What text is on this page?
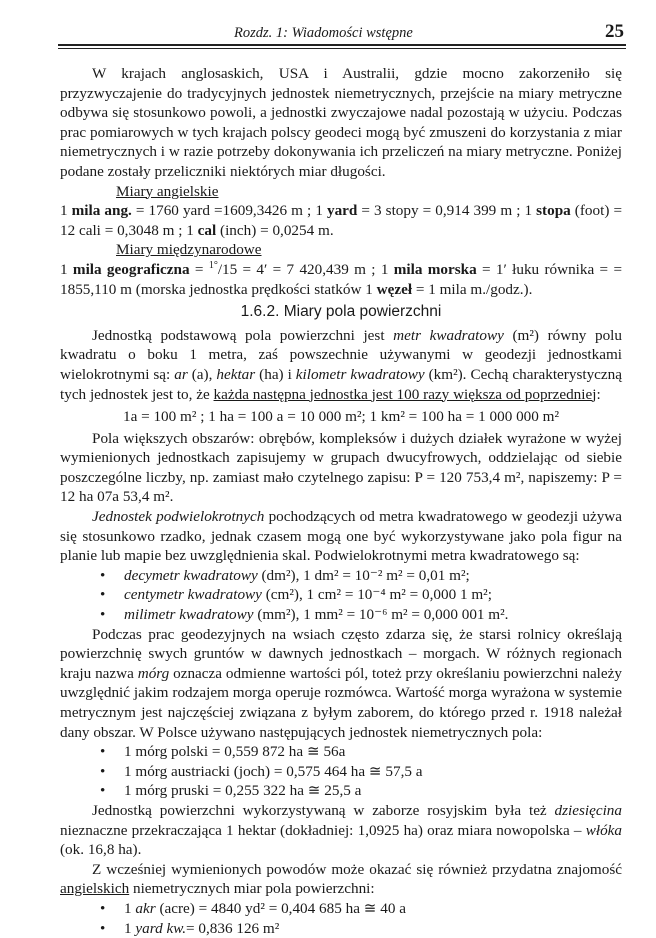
Rozdz. 1: Wiadomości wstępne	25

W krajach anglosaskich, USA i Australii, gdzie mocno zakorzeniło się przyzwyczajenie do tradycyjnych jednostek niemetrycznych, przejście na miary metryczne odbywa się stosunkowo powoli, a jednostki zwyczajowe nadal pozostają w użyciu. Podczas prac pomiarowych w tych krajach polscy geodeci mogą być zmuszeni do korzystania z miar niemetrycznych i w razie potrzeby dokonywania ich przeliczeń na miary metryczne. Poniżej podane zostały przeliczniki niektórych miar długości.

Miary angielskie

1 mila ang. = 1760 yard =1609,3426 m ; 1 yard = 3 stopy = 0,914 399 m ; 1 stopa (foot) = 12 cali = 0,3048 m ; 1 cal (inch) = 0,0254 m.

Miary międzynarodowe

1 mila geograficzna = $^{1^\circ}$/15 = 4′ = 7 420,439 m ; 1 mila morska = 1′ łuku równika = = 1855,110 m (morska jednostka prędkości statków 1 węzeł = 1 mila m./godz.).

1.6.2. Miary pola powierzchni

Jednostką podstawową pola powierzchni jest metr kwadratowy (m²) równy polu kwadratu o boku 1 metra, zaś powszechnie używanymi w geodezji jednostkami wielokrotnymi są: ar (a), hektar (ha) i kilometr kwadratowy (km²). Cechą charakterystyczną tych jednostek jest to, że każda następna jednostka jest 100 razy większa od poprzedniej:

1a = 100 m² ; 1 ha = 100 a = 10 000 m²; 1 km² = 100 ha = 1 000 000 m²

Pola większych obszarów: obrębów, kompleksów i dużych działek wyrażone w wyżej wymienionych jednostkach zapisujemy w grupach dwucyfrowych, oddzielając od siebie poszczególne liczby, np. zamiast mało czytelnego zapisu: P = 120 753,4 m², napiszemy: P = 12 ha 07a 53,4 m².

Jednostek podwielokrotnych pochodzących od metra kwadratowego w geodezji używa się stosunkowo rzadko, jednak czasem mogą one być wykorzystywane jako pola figur na planie lub mapie bez uwzględnienia skal. Podwielokrotnymi metra kwadratowego są:

• decymetr kwadratowy (dm²), 1 dm² = 10⁻² m² = 0,01 m²;
• centymetr kwadratowy (cm²), 1 cm² = 10⁻⁴ m² = 0,000 1 m²;
• milimetr kwadratowy (mm²), 1 mm² = 10⁻⁶ m² = 0,000 001 m².

Podczas prac geodezyjnych na wsiach często zdarza się, że starsi rolnicy określają powierzchnię swych gruntów w dawnych jednostkach – morgach. W różnych regionach kraju nazwa mórg oznacza odmienne wartości pól, toteż przy określaniu powierzchni należy uwzględnić jakim rodzajem morga operuje rozmówca. Wartość morga wyrażona w systemie metrycznym jest najczęściej związana z byłym zaborem, do którego przed r. 1918 należał dany obszar. W Polsce używano następujących jednostek niemetrycznych pola:

• 1 mórg polski = 0,559 872 ha ≅ 56a
• 1 mórg austriacki (joch) = 0,575 464 ha ≅ 57,5 a
• 1 mórg pruski = 0,255 322 ha ≅ 25,5 a

Jednostką powierzchni wykorzystywaną w zaborze rosyjskim była też dziesięcina nieznaczne przekraczająca 1 hektar (dokładniej: 1,0925 ha) oraz miara nowopolska – włóka (ok. 16,8 ha).

Z wcześniej wymienionych powodów może okazać się również przydatna znajomość angielskich niemetrycznych miar pola powierzchni:

• 1 akr (acre) = 4840 yd² = 0,404 685 ha ≅ 40 a
• 1 yard kw.= 0,836 126 m²
